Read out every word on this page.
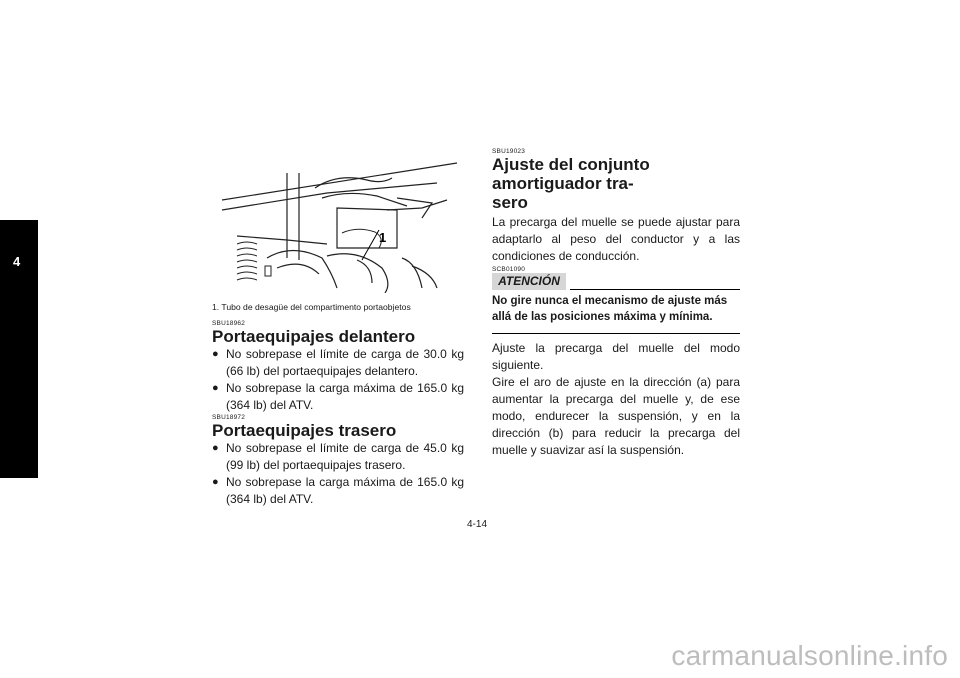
4
1
1. Tubo de desagüe del compartimento portaobjetos
SBU18962
Portaequipajes delantero
● No sobrepase el límite de carga de 30.0 kg (66 lb) del portaequipajes delantero.
● No sobrepase la carga máxima de 165.0 kg (364 lb) del ATV.
SBU18972
Portaequipajes trasero
● No sobrepase el límite de carga de 45.0 kg (99 lb) del portaequipajes trasero.
● No sobrepase la carga máxima de 165.0 kg (364 lb) del ATV.
SBU19023
Ajuste del conjunto amortiguador tra-
sero

La precarga del muelle se puede ajustar para adaptarlo al peso del conductor y a las condiciones de conducción.

SCB01090
ATENCIÓN

No gire nunca el mecanismo de ajuste más allá de las posiciones máxima y mínima.

Ajuste la precarga del muelle del modo siguiente.

Gire el aro de ajuste en la dirección (a) para aumentar la precarga del muelle y, de ese modo, endurecer la suspensión, y en la dirección (b) para reducir la precarga del muelle y suavizar así la suspensión.

4-14
carmanualsonline.info
